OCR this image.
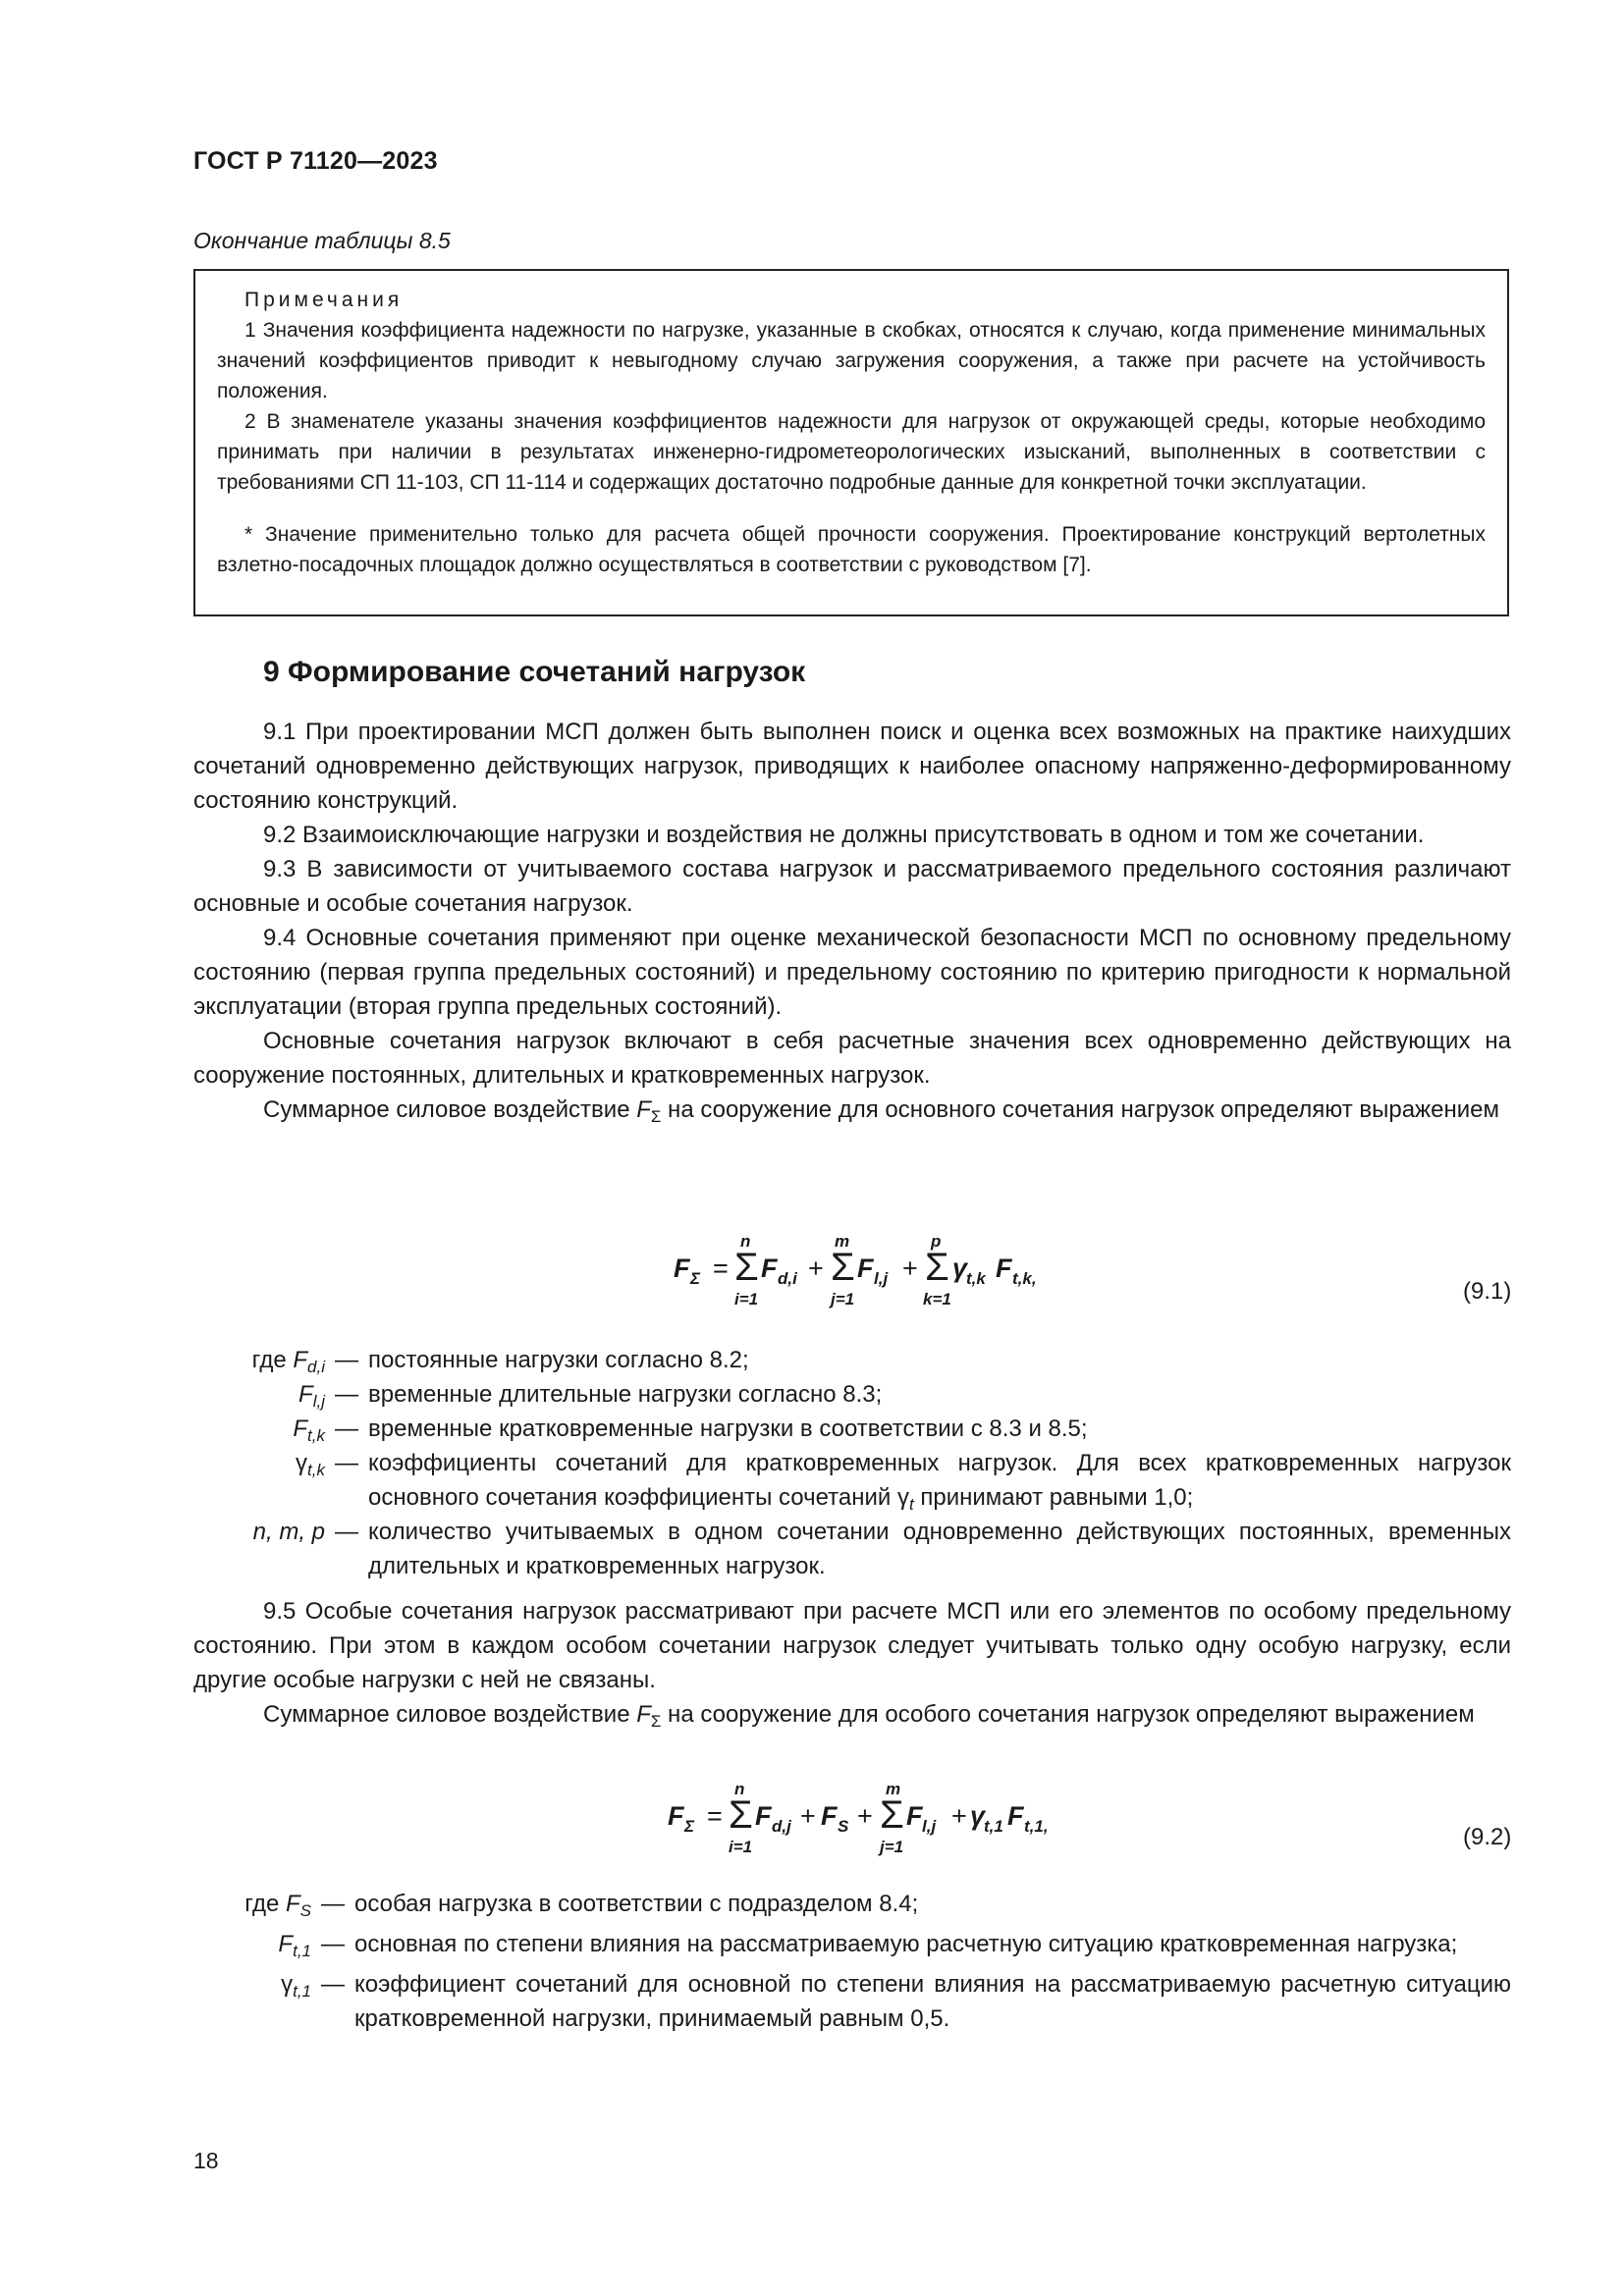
ГОСТ Р 71120—2023
Окончание таблицы 8.5

Примечания

1 Значения коэффициента надежности по нагрузке, указанные в скобках, относятся к случаю, когда применение минимальных значений коэффициентов приводит к невыгодному случаю загружения сооружения, а также при расчете на устойчивость положения.

2 В знаменателе указаны значения коэффициентов надежности для нагрузок от окружающей среды, которые необходимо принимать при наличии в результатах инженерно-гидрометеорологических изысканий, выполненных в соответствии с требованиями СП 11-103, СП 11-114 и содержащих достаточно подробные данные для конкретной точки эксплуатации.

* Значение применительно только для расчета общей прочности сооружения. Проектирование конструкций вертолетных взлетно-посадочных площадок должно осуществляться в соответствии с руководством [7].

9 Формирование сочетаний нагрузок

9.1 При проектировании МСП должен быть выполнен поиск и оценка всех возможных на практике наихудших сочетаний одновременно действующих нагрузок, приводящих к наиболее опасному напряженно-деформированному состоянию конструкций.

9.2 Взаимоисключающие нагрузки и воздействия не должны присутствовать в одном и том же сочетании.

9.3 В зависимости от учитываемого состава нагрузок и рассматриваемого предельного состояния различают основные и особые сочетания нагрузок.

9.4 Основные сочетания применяют при оценке механической безопасности МСП по основному предельному состоянию (первая группа предельных состояний) и предельному состоянию по критерию пригодности к нормальной эксплуатации (вторая группа предельных состояний).

Основные сочетания нагрузок включают в себя расчетные значения всех одновременно действующих на сооружение постоянных, длительных и кратковременных нагрузок.

Суммарное силовое воздействие $F_\Sigma$ на сооружение для основного сочетания нагрузок определяют выражением

F Σ =
n
Σ
i=1
F d,i +
m
Σ
j=1
F l,j +
p
Σ
k=1
γ
t,k F t,k,	(9.1)
где $F_{d,i}$ — постоянные нагрузки согласно 8.2;
$F_{l,j}$ — временные длительные нагрузки согласно 8.3;
$F_{t,k}$ — временные кратковременные нагрузки в соответствии с 8.3 и 8.5;
$\gamma_{t,k}$ — коэффициенты сочетаний для кратковременных нагрузок. Для всех кратковременных нагрузок основного сочетания коэффициенты сочетаний $\gamma_t$ принимают равными 1,0;
n, m, p — количество учитываемых в одном сочетании одновременно действующих постоянных, временных длительных и кратковременных нагрузок.

9.5 Особые сочетания нагрузок рассматривают при расчете МСП или его элементов по особому предельному состоянию. При этом в каждом особом сочетании нагрузок следует учитывать только одну особую нагрузку, если другие особые нагрузки с ней не связаны.

Суммарное силовое воздействие $F_\Sigma$ на сооружение для особого сочетания нагрузок определяют выражением

F Σ =
n
Σ
i=1
F d,j + F S +
m
Σ
j=1
F l,j + γ
t,1 F t,1,	(9.2)
где $F_S$ — особая нагрузка в соответствии с подразделом 8.4;
$F_{t,1}$ — основная по степени влияния на рассматриваемую расчетную ситуацию кратковременная нагрузка;
$\gamma_{t,1}$ — коэффициент сочетаний для основной по степени влияния на рассматриваемую расчетную ситуацию кратковременной нагрузки, принимаемый равным 0,5.
18
